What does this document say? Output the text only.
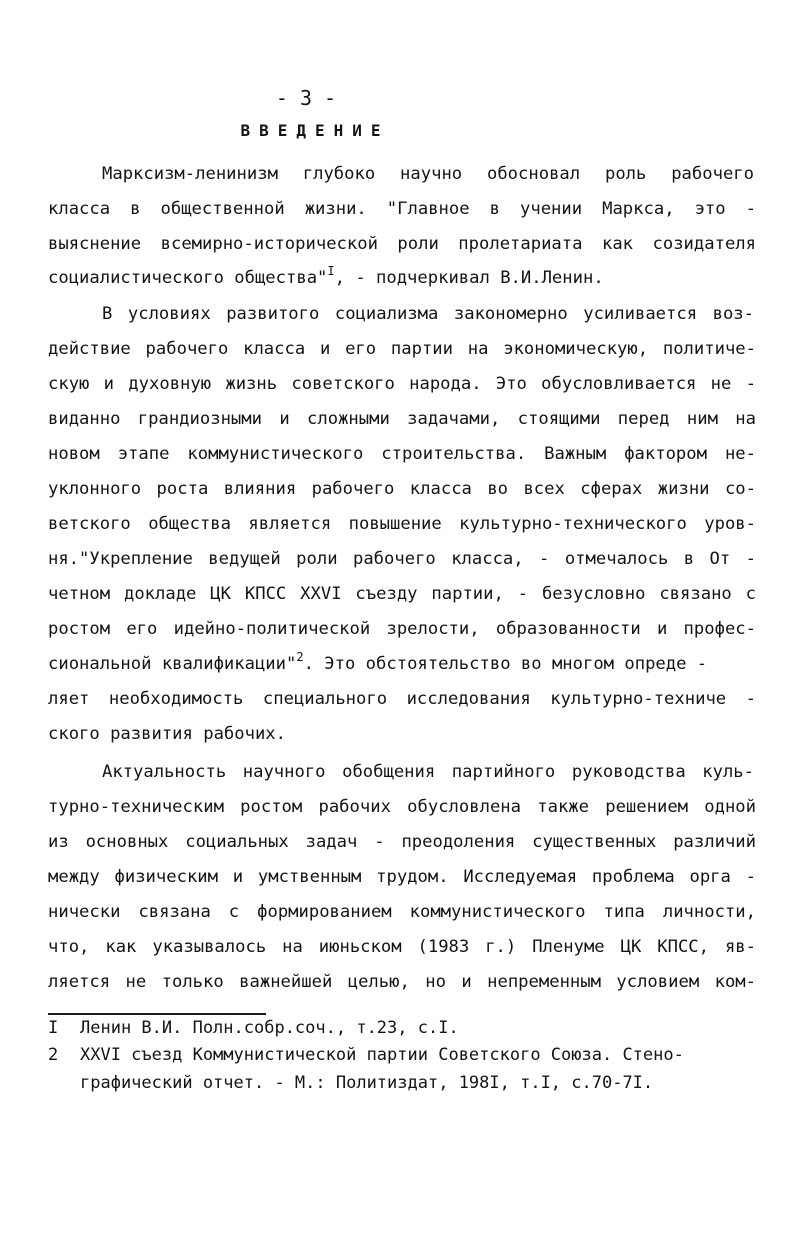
- 3 -
ВВЕДЕНИЕ
Марксизм-ленинизм глубоко научно обосновал роль рабочего
класса в общественной жизни. "Главное в учении Маркса, это -
выяснение всемирно-исторической роли пролетариата как созидателя
социалистического общества"$^I$, - подчеркивал В.И.Ленин.
В условиях развитого социализма закономерно усиливается воз-
действие рабочего класса и его партии на экономическую, политиче-
скую и духовную жизнь советского народа. Это обусловливается не -
виданно грандиозными и сложными задачами, стоящими перед ним на
новом этапе коммунистического строительства. Важным фактором не-
уклонного роста влияния рабочего класса во всех сферах жизни со-
ветского общества является повышение культурно-технического уров-
ня."Укрепление ведущей роли рабочего класса, - отмечалось в От -
четном докладе ЦК КПСС XXVI съезду партии, - безусловно связано с
ростом его идейно-политической зрелости, образованности и профес-
сиональной квалификации"$^2$. Это обстоятельство во многом опреде -
ляет необходимость специального исследования культурно-техниче -
ского развития рабочих.
Актуальность научного обобщения партийного руководства куль-
турно-техническим ростом рабочих обусловлена также решением одной
из основных социальных задач - преодоления существенных различий
между физическим и умственным трудом. Исследуемая проблема орга -
нически связана с формированием коммунистического типа личности,
что, как указывалось на июньском (1983 г.) Пленуме ЦК КПСС, яв-
ляется не только важнейшей целью, но и непременным условием ком-
I Ленин В.И. Полн.собр.соч., т.23, с.I.
2 XXVI съезд Коммунистической партии Советского Союза. Стено-
графический отчет. - М.: Политиздат, 198I, т.I, с.70-7I.
